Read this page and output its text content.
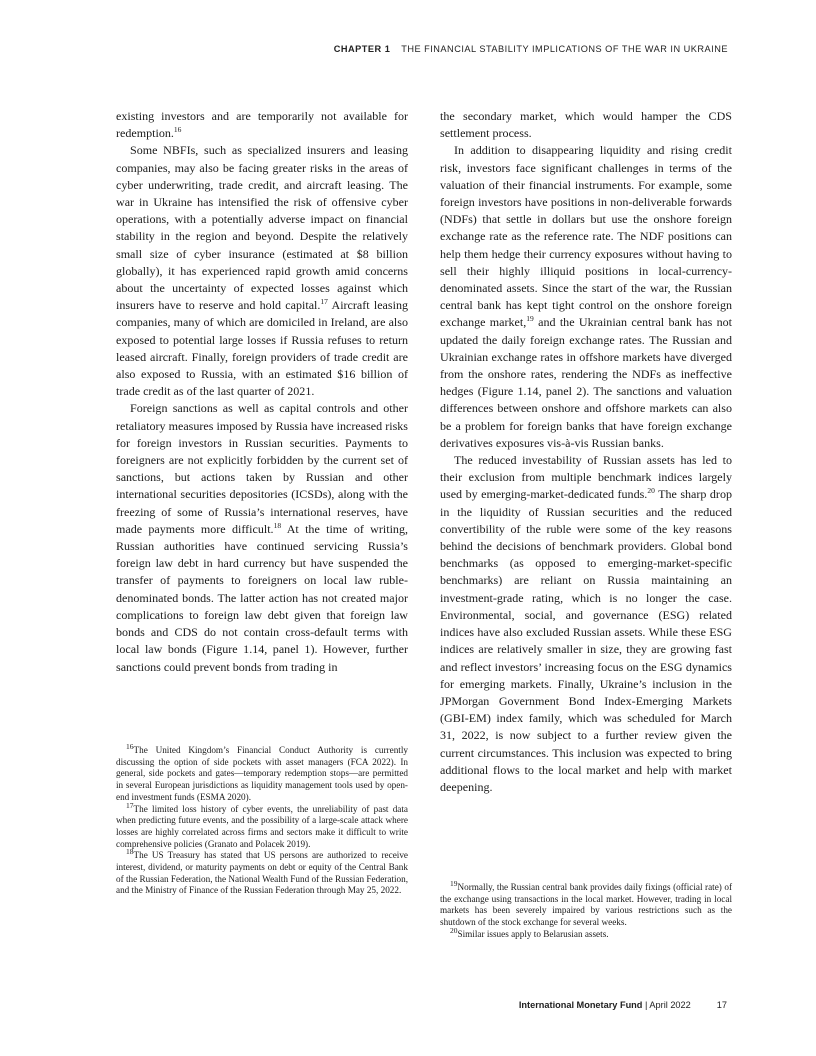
CHAPTER 1 THE FINANCIAL STABILITY IMPLICATIONS OF THE WAR IN UKRAINE

existing investors and are temporarily not available for redemption.$^{16}$

Some NBFIs, such as specialized insurers and leasing companies, may also be facing greater risks in the areas of cyber underwriting, trade credit, and aircraft leasing. The war in Ukraine has intensified the risk of offensive cyber operations, with a potentially adverse impact on financial stability in the region and beyond. Despite the relatively small size of cyber insurance (estimated at $8 billion globally), it has experienced rapid growth amid concerns about the uncertainty of expected losses against which insurers have to reserve and hold capital.$^{17}$ Aircraft leasing companies, many of which are domiciled in Ireland, are also exposed to potential large losses if Russia refuses to return leased aircraft. Finally, foreign providers of trade credit are also exposed to Russia, with an estimated $16 billion of trade credit as of the last quarter of 2021.

Foreign sanctions as well as capital controls and other retaliatory measures imposed by Russia have increased risks for foreign investors in Russian securities. Payments to foreigners are not explicitly forbidden by the current set of sanctions, but actions taken by Russian and other international securities depositories (ICSDs), along with the freezing of some of Russia’s international reserves, have made payments more difficult.$^{18}$ At the time of writing, Russian authorities have continued servicing Russia’s foreign law debt in hard currency but have suspended the transfer of payments to foreigners on local law ruble-denominated bonds. The latter action has not created major complications to foreign law debt given that foreign law bonds and CDS do not contain cross-default terms with local law bonds (Figure 1.14, panel 1). However, further sanctions could prevent bonds from trading in

the secondary market, which would hamper the CDS settlement process.

In addition to disappearing liquidity and rising credit risk, investors face significant challenges in terms of the valuation of their financial instruments. For example, some foreign investors have positions in non-deliverable forwards (NDFs) that settle in dollars but use the onshore foreign exchange rate as the reference rate. The NDF positions can help them hedge their currency exposures without having to sell their highly illiquid positions in local-currency-denominated assets. Since the start of the war, the Russian central bank has kept tight control on the onshore foreign exchange market,$^{19}$ and the Ukrainian central bank has not updated the daily foreign exchange rates. The Russian and Ukrainian exchange rates in offshore markets have diverged from the onshore rates, rendering the NDFs as ineffective hedges (Figure 1.14, panel 2). The sanctions and valuation differences between onshore and offshore markets can also be a problem for foreign banks that have foreign exchange derivatives exposures vis-à-vis Russian banks.

The reduced investability of Russian assets has led to their exclusion from multiple benchmark indices largely used by emerging-market-dedicated funds.$^{20}$ The sharp drop in the liquidity of Russian securities and the reduced convertibility of the ruble were some of the key reasons behind the decisions of benchmark providers. Global bond benchmarks (as opposed to emerging-market-specific benchmarks) are reliant on Russia maintaining an investment-grade rating, which is no longer the case. Environmental, social, and governance (ESG) related indices have also excluded Russian assets. While these ESG indices are relatively smaller in size, they are growing fast and reflect investors’ increasing focus on the ESG dynamics for emerging markets. Finally, Ukraine’s inclusion in the JPMorgan Government Bond Index-Emerging Markets (GBI-EM) index family, which was scheduled for March 31, 2022, is now subject to a further review given the current circumstances. This inclusion was expected to bring additional flows to the local market and help with market deepening.

$^{16}$The United Kingdom’s Financial Conduct Authority is currently discussing the option of side pockets with asset managers (FCA 2022). In general, side pockets and gates—temporary redemption stops—are permitted in several European jurisdictions as liquidity management tools used by open-end investment funds (ESMA 2020).

$^{17}$The limited loss history of cyber events, the unreliability of past data when predicting future events, and the possibility of a large-scale attack where losses are highly correlated across firms and sectors make it difficult to write comprehensive policies (Granato and Polacek 2019).

$^{18}$The US Treasury has stated that US persons are authorized to receive interest, dividend, or maturity payments on debt or equity of the Central Bank of the Russian Federation, the National Wealth Fund of the Russian Federation, and the Ministry of Finance of the Russian Federation through May 25, 2022.

$^{19}$Normally, the Russian central bank provides daily fixings (official rate) of the exchange using transactions in the local market. However, trading in local markets has been severely impaired by various restrictions such as the shutdown of the stock exchange for several weeks.

$^{20}$Similar issues apply to Belarusian assets.

International Monetary Fund | April 2022	17
